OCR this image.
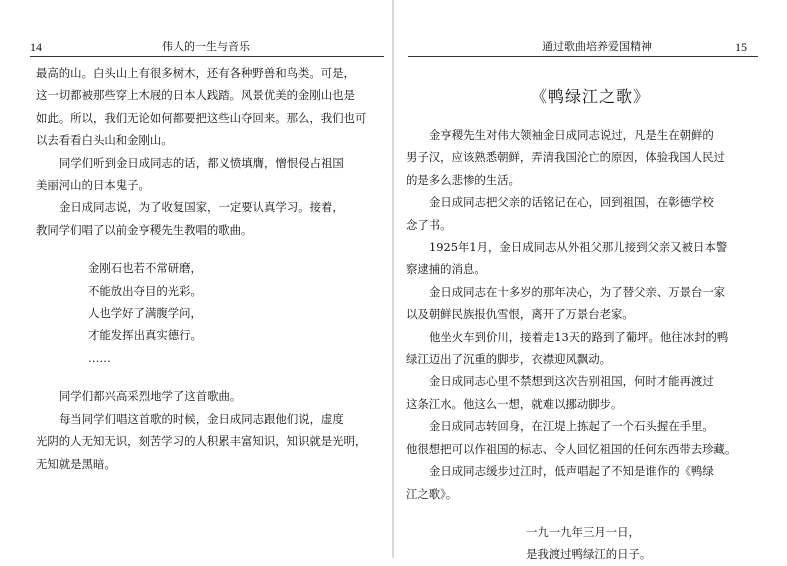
14	伟人的一生与音乐

最高的山。白头山上有很多树木，还有各种野兽和鸟类。可是，

这一切都被那些穿上木屐的日本人践踏。风景优美的金刚山也是

如此。所以，我们无论如何都要把这些山夺回来。那么，我们也可

以去看看白头山和金刚山。

同学们听到金日成同志的话，都义愤填膺，憎恨侵占祖国

美丽河山的日本鬼子。

金日成同志说，为了收复国家，一定要认真学习。接着，

教同学们唱了以前金亨稷先生教唱的歌曲。

金刚石也若不常研磨，

不能放出夺目的光彩。

人也学好了满腹学问，

才能发挥出真实德行。

……

同学们都兴高采烈地学了这首歌曲。

每当同学们唱这首歌的时候，金日成同志跟他们说，虚度

光阴的人无知无识，刻苦学习的人积累丰富知识，知识就是光明，

无知就是黑暗。

通过歌曲培养爱国精神	15
《鸭绿江之歌》

金亨稷先生对伟大领袖金日成同志说过，凡是生在朝鲜的

男子汉，应该熟悉朝鲜，弄清我国沦亡的原因，体验我国人民过

的是多么悲惨的生活。

金日成同志把父亲的话铭记在心，回到祖国，在彰德学校

念了书。

1925年1月，金日成同志从外祖父那儿接到父亲又被日本警

察逮捕的消息。

金日成同志在十多岁的那年决心，为了替父亲、万景台一家

以及朝鲜民族报仇雪恨，离开了万景台老家。

他坐火车到价川，接着走13天的路到了葡坪。他往冰封的鸭

绿江迈出了沉重的脚步，衣襟迎风飘动。

金日成同志心里不禁想到这次告别祖国，何时才能再渡过

这条江水。他这么一想，就难以挪动脚步。

金日成同志转回身，在江堤上拣起了一个石头握在手里。

他很想把可以作祖国的标志、令人回忆祖国的任何东西带去珍藏。

金日成同志缓步过江时，低声唱起了不知是谁作的《鸭绿

江之歌》。

一九一九年三月一日，

是我渡过鸭绿江的日子。
